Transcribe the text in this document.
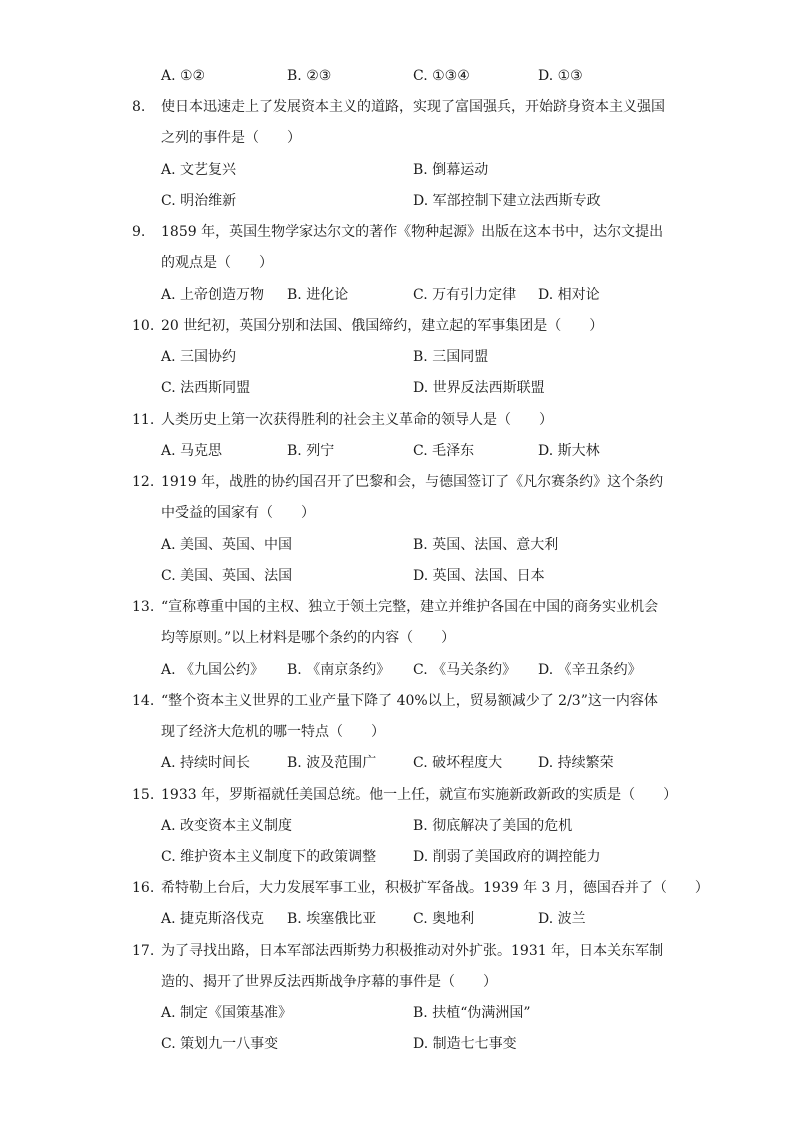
A. ①②	B. ②③	C. ①③④	D. ①③
8.	使日本迅速走上了发展资本主义的道路，实现了富国强兵，开始跻身资本主义强国
之列的事件是（　　）
A. 文艺复兴	B. 倒幕运动
C. 明治维新	D. 军部控制下建立法西斯专政
9.	1859 年，英国生物学家达尔文的著作《物种起源》出版在这本书中，达尔文提出
的观点是（　　）
A. 上帝创造万物 B. 进化论	C. 万有引力定律 D. 相对论
10. 20 世纪初，英国分别和法国、俄国缔约，建立起的军事集团是（　　）
A. 三国协约	B. 三国同盟
C. 法西斯同盟	D. 世界反法西斯联盟
11. 人类历史上第一次获得胜利的社会主义革命的领导人是（　　）
A. 马克思	B. 列宁	C. 毛泽东	D. 斯大林
12. 1919 年，战胜的协约国召开了巴黎和会，与德国签订了《凡尔赛条约》这个条约
中受益的国家有（　　）
A. 美国、英国、中国	B. 英国、法国、意大利
C. 美国、英国、法国	D. 英国、法国、日本
13. “宣称尊重中国的主权、独立于领土完整，建立并维护各国在中国的商务实业机会
均等原则。”以上材料是哪个条约的内容（　　）
A. 《九国公约》 B. 《南京条约》 C. 《马关条约》 D. 《辛丑条约》
14. “整个资本主义世界的工业产量下降了 40%以上，贸易额减少了 2/3”这一内容体
现了经济大危机的哪一特点（　　）
A. 持续时间长	B. 波及范围广	C. 破坏程度大	D. 持续繁荣
15. 1933 年，罗斯福就任美国总统。他一上任，就宣布实施新政新政的实质是（　　）
A. 改变资本主义制度	B. 彻底解决了美国的危机
C. 维护资本主义制度下的政策调整	D. 削弱了美国政府的调控能力
16. 希特勒上台后，大力发展军事工业，积极扩军备战。1939 年 3 月，德国吞并了（　　）
A. 捷克斯洛伐克 B. 埃塞俄比亚	C. 奥地利	D. 波兰
17. 为了寻找出路，日本军部法西斯势力积极推动对外扩张。1931 年，日本关东军制
造的、揭开了世界反法西斯战争序幕的事件是（　　）
A. 制定《国策基准》	B. 扶植“伪满洲国”
C. 策划九一八事变	D. 制造七七事变
